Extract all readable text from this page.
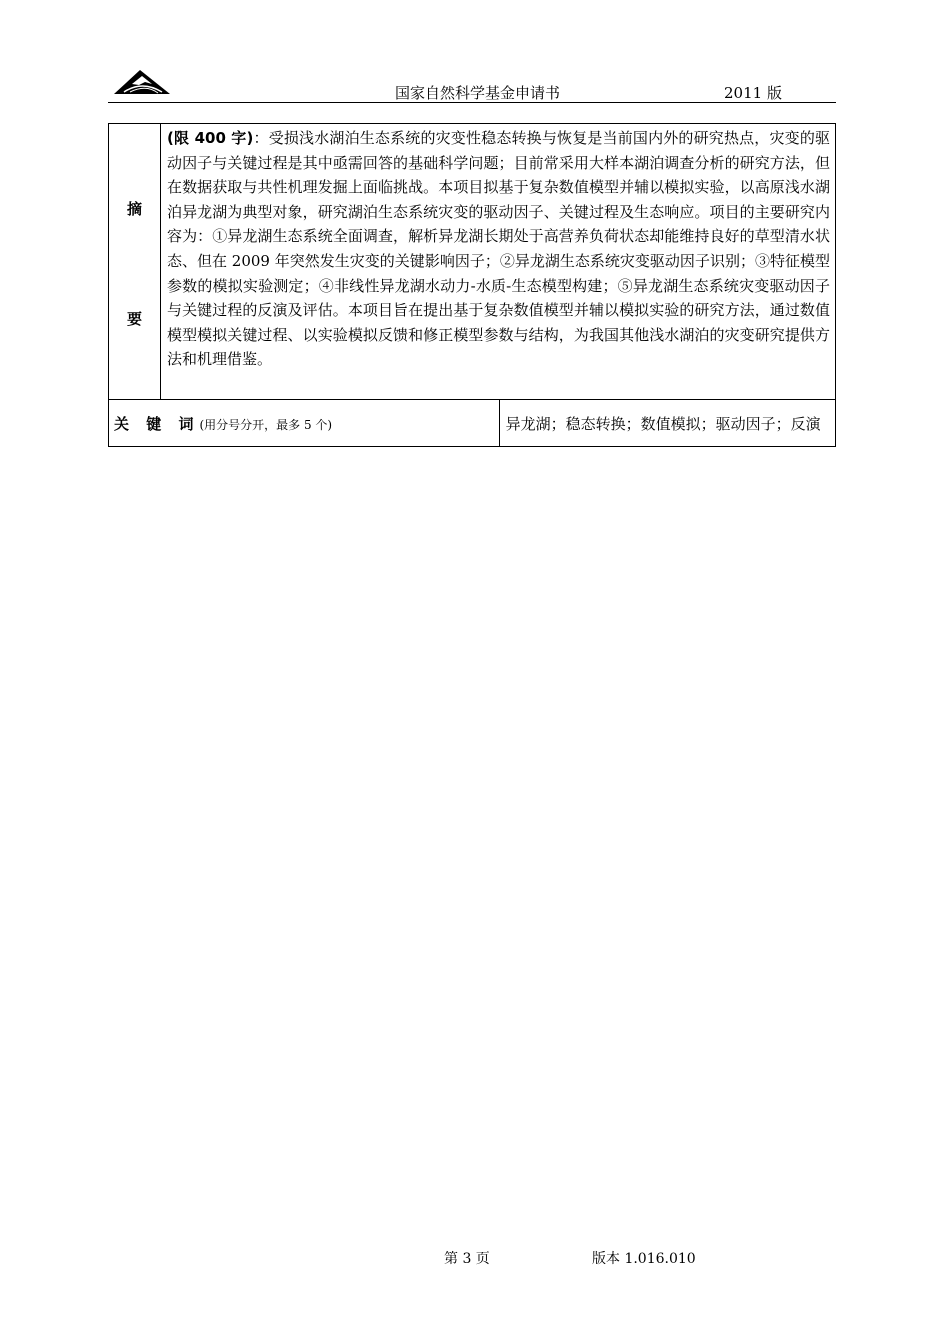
国家自然科学基金申请书	2011 版
摘
要	(限 400 字)：受损浅水湖泊生态系统的灾变性稳态转换与恢复是当前国内外的研究热点，灾变的驱动因子与关键过程是其中亟需回答的基础科学问题；目前常采用大样本湖泊调查分析的研究方法，但在数据获取与共性机理发掘上面临挑战。本项目拟基于复杂数值模型并辅以模拟实验，以高原浅水湖泊异龙湖为典型对象，研究湖泊生态系统灾变的驱动因子、关键过程及生态响应。项目的主要研究内容为：①异龙湖生态系统全面调查，解析异龙湖长期处于高营养负荷状态却能维持良好的草型清水状态、但在 2009 年突然发生灾变的关键影响因子；②异龙湖生态系统灾变驱动因子识别；③特征模型参数的模拟实验测定；④非线性异龙湖水动力-水质-生态模型构建；⑤异龙湖生态系统灾变驱动因子与关键过程的反演及评估。本项目旨在提出基于复杂数值模型并辅以模拟实验的研究方法，通过数值模型模拟关键过程、以实验模拟反馈和修正模型参数与结构，为我国其他浅水湖泊的灾变研究提供方法和机理借鉴。	
关 键 词(用分号分开，最多 5 个)		异龙湖；稳态转换；数值模拟；驱动因子；反演
第 3 页	版本 1.016.010
